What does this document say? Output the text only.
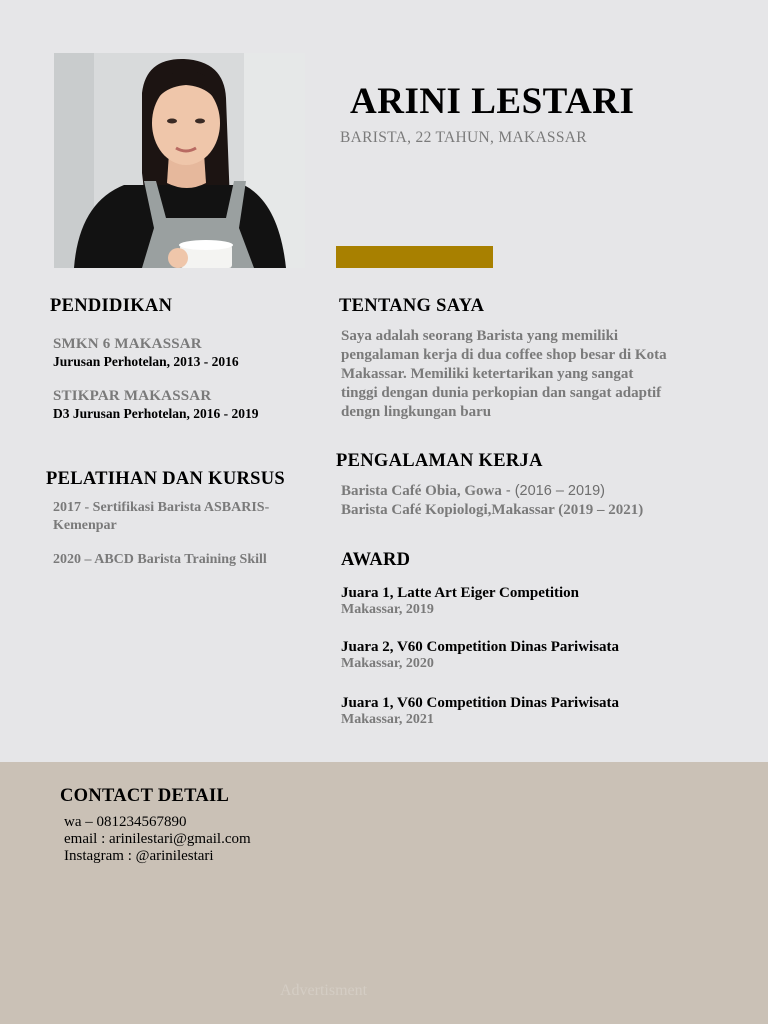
ARINI LESTARI
BARISTA, 22 TAHUN, MAKASSAR
PENDIDIKAN
SMKN 6 MAKASSAR
Jurusan Perhotelan, 2013 - 2016
STIKPAR MAKASSAR
D3 Jurusan Perhotelan, 2016 - 2019
PELATIHAN DAN KURSUS
2017 - Sertifikasi Barista ASBARIS-Kemenpar
2020 – ABCD Barista Training Skill
TENTANG SAYA
Saya adalah seorang Barista yang memiliki pengalaman kerja di dua coffee shop besar di Kota Makassar. Memiliki ketertarikan yang sangat tinggi dengan dunia perkopian dan sangat adaptif dengn lingkungan baru
PENGALAMAN KERJA
Barista Café Obia, Gowa - (2016 – 2019)
Barista Café Kopiologi,Makassar (2019 – 2021)
AWARD
Juara 1, Latte Art Eiger Competition
Makassar, 2019
Juara 2, V60 Competition Dinas Pariwisata
Makassar, 2020
Juara 1, V60 Competition Dinas Pariwisata
Makassar, 2021
CONTACT DETAIL
wa – 081234567890
email : arinilestari@gmail.com
Instagram : @arinilestari
Advertisment
